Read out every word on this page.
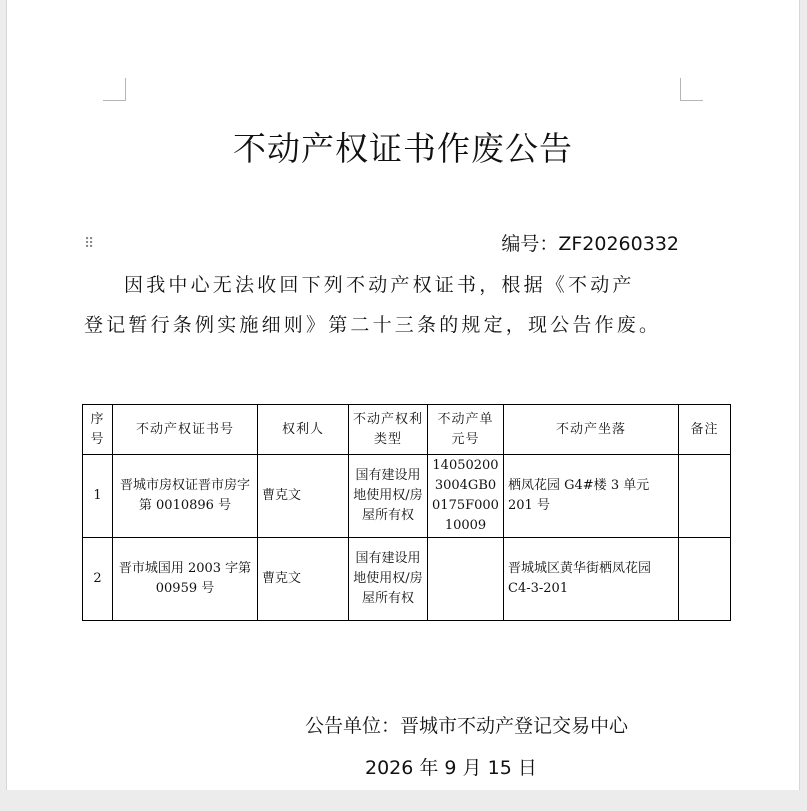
不动产权证书作废公告
⠿	编号：ZF20260332
因我中心无法收回下列不动产权证书，根据《不动产
登记暂行条例实施细则》第二十三条的规定，现公告作废。
序号	不动产权证书号	权利人	不动产权利类型	不动产单元号	不动产坐落	备注
1	晋城市房权证晋市房字第 0010896 号	曹克文	国有建设用地使用权/房屋所有权	140502003004GB00175F00010009	栖凤花园 G4#楼 3 单元 201 号	
2	晋市城国用 2003 字第 00959 号	曹克文	国有建设用地使用权/房屋所有权		晋城城区黄华街栖凤花园 C4-3-201	
公告单位：晋城市不动产登记交易中心
2026 年 9 月 15 日
